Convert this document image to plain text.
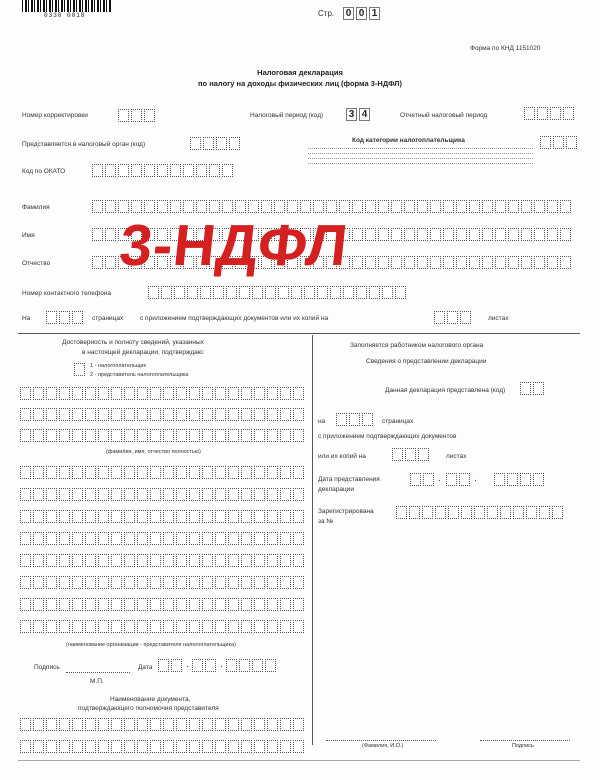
0330 0018	Стр. 0 0 1
Форма по КНД 1151020
Налоговая декларация
по налогу на доходы физических лиц (форма 3-НДФЛ)
Номер корректировки	Налоговый период (код)	3 4	Отчетный налоговый период
Представляется в налоговый орган (код)
Код категории налогоплательщика
Код по ОКАТО
Фамилия
Имя
Отчество 3-НДФЛ
Номер контактного телефона
На	страницах	с приложением подтверждающих документов или их копий на	листах
Достоверность и полноту сведений, указанных
в настоящей декларации, подтверждаю:
1 - налогоплательщик
2 - представитель налогоплательщика
(фамилия, имя, отчество полностью)
(наименование организации - представителя налогоплательщика)
Подпись
М.П.
Дата	.	.
Наименование документа,
подтверждающего полномочия представителя
Заполняется работником налогового органа
Сведения о представлении декларации
Данная декларация представлена (код)
на	страницах
с приложением подтверждающих документов
или их копий на	листах
Дата представления
декларации
.	.
Зарегистрирована
за №
(Фамилия, И.О.)	Подпись
